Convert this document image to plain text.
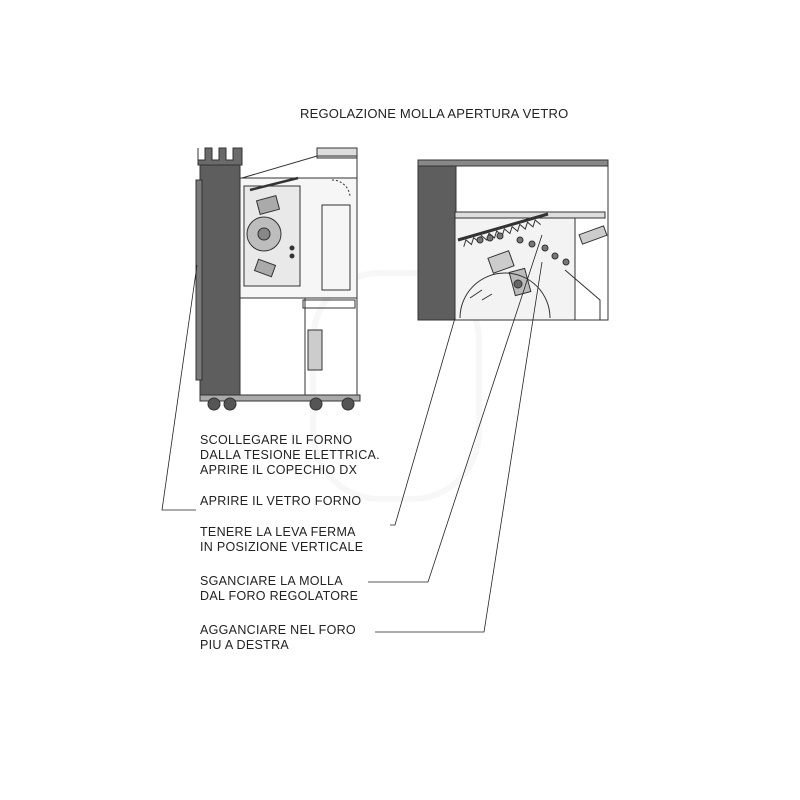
REGOLAZIONE MOLLA APERTURA VETRO
SCOLLEGARE IL FORNO
DALLA TESIONE ELETTRICA.
APRIRE IL COPECHIO DX
APRIRE IL VETRO FORNO
TENERE LA LEVA FERMA
IN POSIZIONE VERTICALE
SGANCIARE LA MOLLA
DAL FORO REGOLATORE
AGGANCIARE NEL FORO
PIU A DESTRA
